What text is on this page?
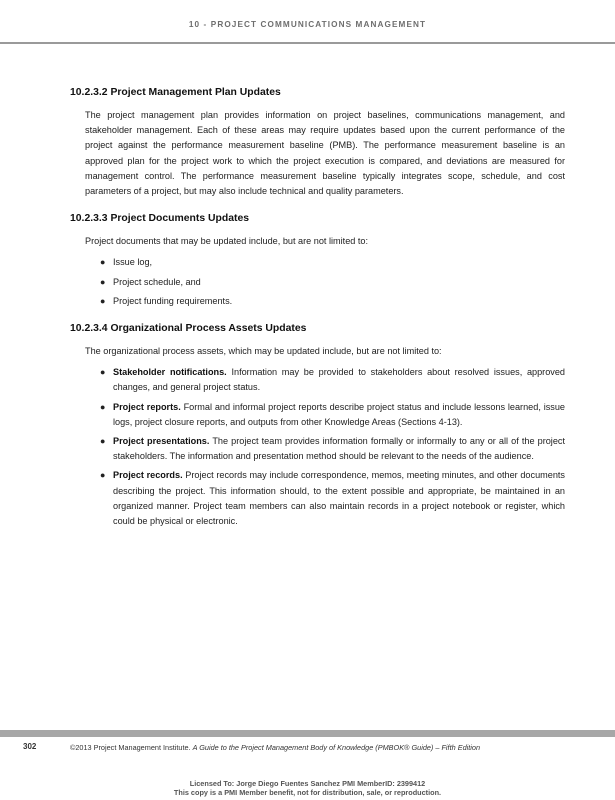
10 - PROJECT COMMUNICATIONS MANAGEMENT
10.2.3.2 Project Management Plan Updates

The project management plan provides information on project baselines, communications management, and stakeholder management. Each of these areas may require updates based upon the current performance of the project against the performance measurement baseline (PMB). The performance measurement baseline is an approved plan for the project work to which the project execution is compared, and deviations are measured for management control. The performance measurement baseline typically integrates scope, schedule, and cost parameters of a project, but may also include technical and quality parameters.

10.2.3.3 Project Documents Updates

Project documents that may be updated include, but are not limited to:

● Issue log,
● Project schedule, and
● Project funding requirements.
10.2.3.4 Organizational Process Assets Updates

The organizational process assets, which may be updated include, but are not limited to:

● Stakeholder notifications. Information may be provided to stakeholders about resolved issues, approved changes, and general project status.
● Project reports. Formal and informal project reports describe project status and include lessons learned, issue logs, project closure reports, and outputs from other Knowledge Areas (Sections 4-13).
● Project presentations. The project team provides information formally or informally to any or all of the project stakeholders. The information and presentation method should be relevant to the needs of the audience.
● Project records. Project records may include correspondence, memos, meeting minutes, and other documents describing the project. This information should, to the extent possible and appropriate, be maintained in an organized manner. Project team members can also maintain records in a project notebook or register, which could be physical or electronic.
302	©2013 Project Management Institute. A Guide to the Project Management Body of Knowledge (PMBOK® Guide) – Fifth Edition
Licensed To: Jorge Diego Fuentes Sanchez PMI MemberID: 2399412
This copy is a PMI Member benefit, not for distribution, sale, or reproduction.
